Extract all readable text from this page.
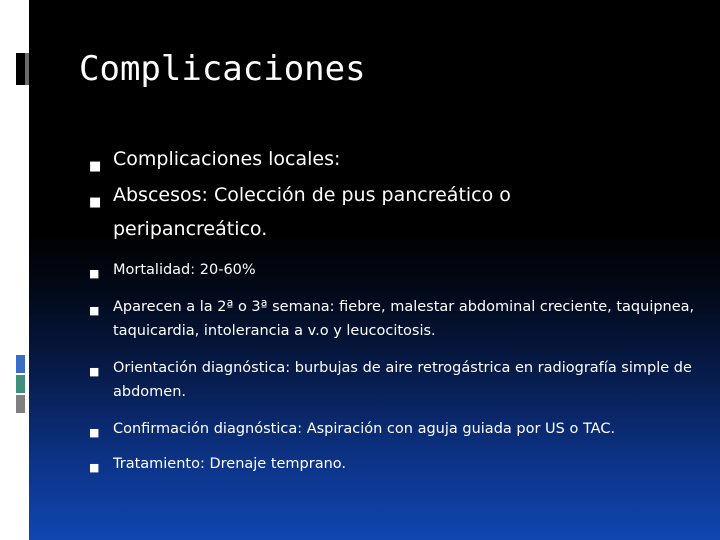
Complicaciones
■ Complicaciones locales:
■ Abscesos: Colección de pus pancreático o peripancreático.
■ Mortalidad: 20-60%
■ Aparecen a la 2ª o 3ª semana: fiebre, malestar abdominal creciente, taquipnea, taquicardia, intolerancia a v.o y leucocitosis.
■ Orientación diagnóstica: burbujas de aire retrogástrica en radiografía simple de abdomen.
■ Confirmación diagnóstica: Aspiración con aguja guiada por US o TAC.
■ Tratamiento: Drenaje temprano.
